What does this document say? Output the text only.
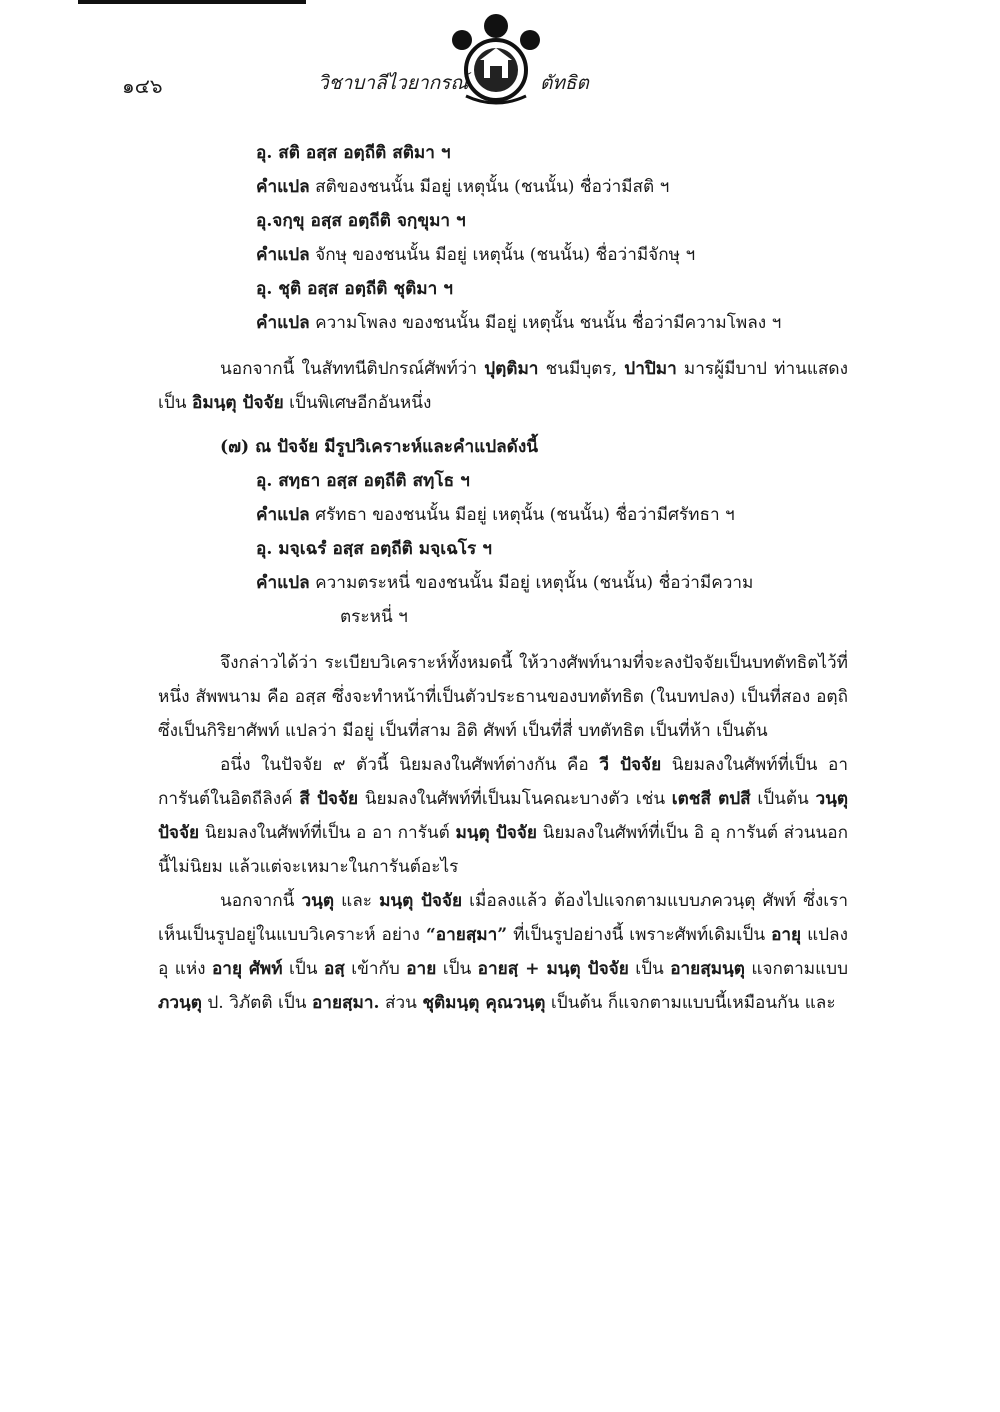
๑๔๖	วิชาบาลีไวยากรณ์	ตัทธิต

อุ. สติ อสฺส อตฺถีติ สติมา ฯ

คำแปล สติของชนนั้น มีอยู่ เหตุนั้น (ชนนั้น) ชื่อว่ามีสติ ฯ

อุ.จกฺขุ อสฺส อตฺถีติ จกฺขุมา ฯ

คำแปล จักษุ ของชนนั้น มีอยู่ เหตุนั้น (ชนนั้น) ชื่อว่ามีจักษุ ฯ

อุ. ชุติ อสฺส อตฺถีติ ชุติมา ฯ

คำแปล ความโพลง ของชนนั้น มีอยู่ เหตุนั้น ชนนั้น ชื่อว่ามีความโพลง ฯ

นอกจากนี้ ในสัททนีติปกรณ์ศัพท์ว่า ปุตฺติมา ชนมีบุตร, ปาปิมา มารผู้มีบาป ท่านแสดงเป็น อิมนฺตุ ปัจจัย เป็นพิเศษอีกอันหนึ่ง

(๗) ณ ปัจจัย มีรูปวิเคราะห์และคำแปลดังนี้

อุ. สทฺธา อสฺส อตฺถีติ สทฺโธ ฯ

คำแปล ศรัทธา ของชนนั้น มีอยู่ เหตุนั้น (ชนนั้น) ชื่อว่ามีศรัทธา ฯ

อุ. มจฺเฉรํ อสฺส อตฺถีติ มจฺเฉโร ฯ

คำแปล ความตระหนี่ ของชนนั้น มีอยู่ เหตุนั้น (ชนนั้น) ชื่อว่ามีความ

ตระหนี่ ฯ

จึงกล่าวได้ว่า ระเบียบวิเคราะห์ทั้งหมดนี้ ให้วางศัพท์นามที่จะลงปัจจัยเป็นบทตัทธิตไว้ที่หนึ่ง สัพพนาม คือ อสฺส ซึ่งจะทำหน้าที่เป็นตัวประธานของบทตัทธิต (ในบทปลง) เป็นที่สอง อตฺถิ ซึ่งเป็นกิริยาศัพท์ แปลว่า มีอยู่ เป็นที่สาม อิติ ศัพท์ เป็นที่สี่ บทตัทธิต เป็นที่ห้า เป็นต้น

อนึ่ง ในปัจจัย ๙ ตัวนี้ นิยมลงในศัพท์ต่างกัน คือ วี ปัจจัย นิยมลงในศัพท์ที่เป็น อา การันต์ในอิตถีลิงค์ สี ปัจจัย นิยมลงในศัพท์ที่เป็นมโนคณะบางตัว เช่น เตชสี ตปสี เป็นต้น วนฺตุ ปัจจัย นิยมลงในศัพท์ที่เป็น อ อา การันต์ มนฺตุ ปัจจัย นิยมลงในศัพท์ที่เป็น อิ อุ การันต์ ส่วนนอกนี้ไม่นิยม แล้วแต่จะเหมาะในการันต์อะไร

นอกจากนี้ วนฺตุ และ มนฺตุ ปัจจัย เมื่อลงแล้ว ต้องไปแจกตามแบบภควนฺตุ ศัพท์ ซึ่งเราเห็นเป็นรูปอยู่ในแบบวิเคราะห์ อย่าง “อายสฺมา” ที่เป็นรูปอย่างนี้ เพราะศัพท์เดิมเป็น อายุ แปลง อุ แห่ง อายุ ศัพท์ เป็น อสฺ เข้ากับ อาย เป็น อายสฺ + มนฺตุ ปัจจัย เป็น อายสฺมนฺตุ แจกตามแบบ ภวนฺตุ ป. วิภัตติ เป็น อายสฺมา. ส่วน ชุติมนฺตุ คุณวนฺตุ เป็นต้น ก็แจกตามแบบนี้เหมือนกัน และ
